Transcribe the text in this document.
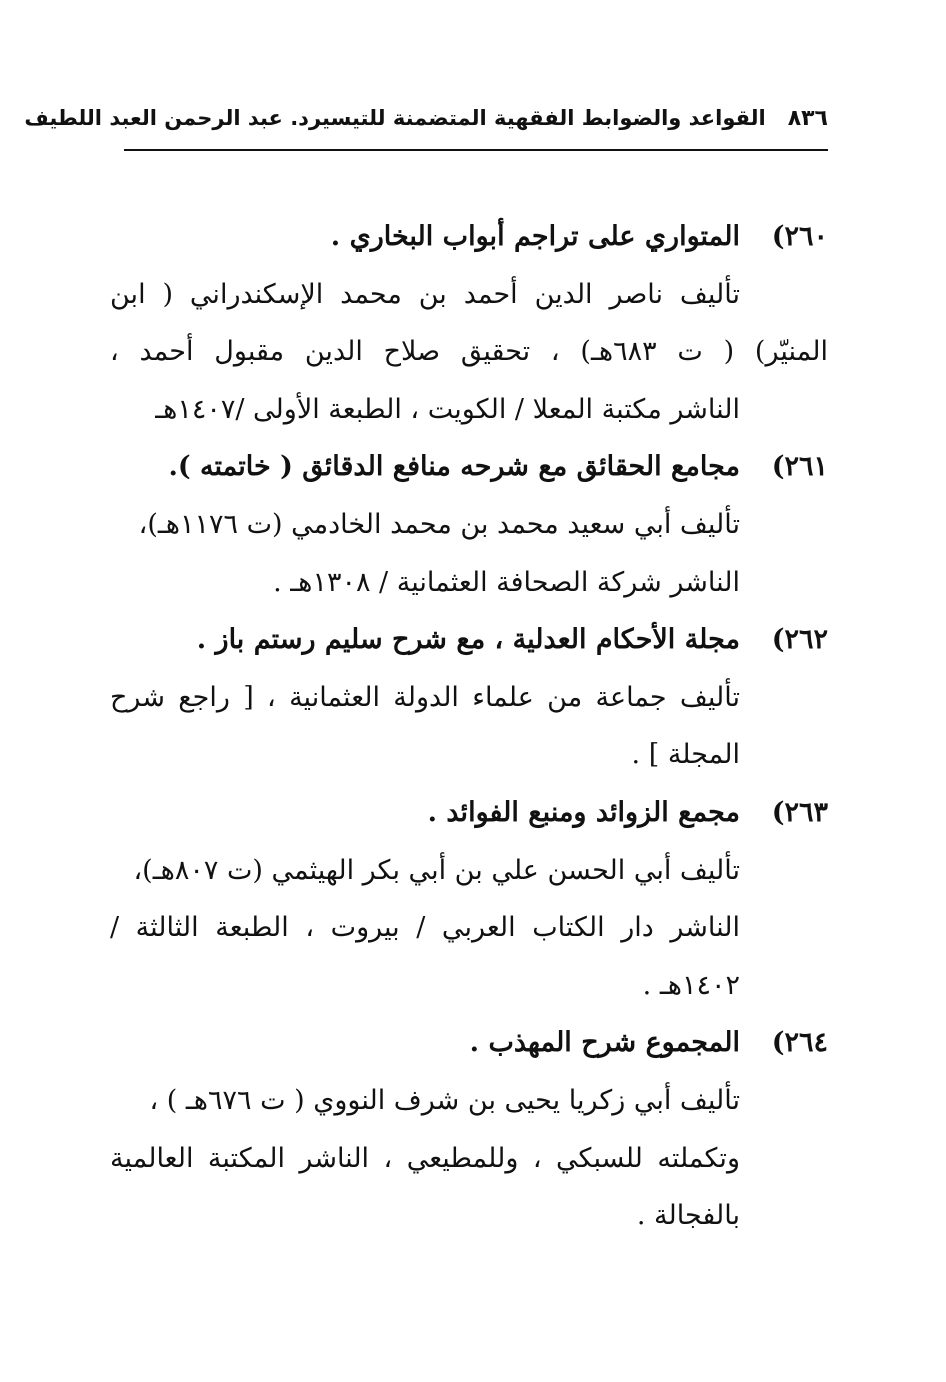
٨٣٦
القواعد والضوابط الفقهية المتضمنة للتيسير
د. عبد الرحمن العبد اللطيف
٢٦٠)المتواري على تراجم أبواب البخاري .
تأليف ناصر الدين أحمد بن محمد الإسكندراني ( ابن
المنيّر) ( ت ٦٨٣هـ) ، تحقيق صلاح الدين مقبول أحمد ،
الناشر مكتبة المعلا / الكويت ، الطبعة الأولى /١٤٠٧هـ
٢٦١)مجامع الحقائق مع شرحه منافع الدقائق ( خاتمته ).
تأليف أبي سعيد محمد بن محمد الخادمي (ت ١١٧٦هـ)،
الناشر شركة الصحافة العثمانية / ١٣٠٨هـ .
٢٦٢)مجلة الأحكام العدلية ، مع شرح سليم رستم باز .
تأليف جماعة من علماء الدولة العثمانية ، [ راجع شرح
المجلة ] .
٢٦٣)مجمع الزوائد ومنبع الفوائد .
تأليف أبي الحسن علي بن أبي بكر الهيثمي (ت ٨٠٧هـ)،
الناشر دار الكتاب العربي / بيروت ، الطبعة الثالثة /
١٤٠٢هـ .
٢٦٤)المجموع شرح المهذب .
تأليف أبي زكريا يحيى بن شرف النووي ( ت ٦٧٦هـ ) ،
وتكملته للسبكي ، وللمطيعي ، الناشر المكتبة العالمية
بالفجالة .
